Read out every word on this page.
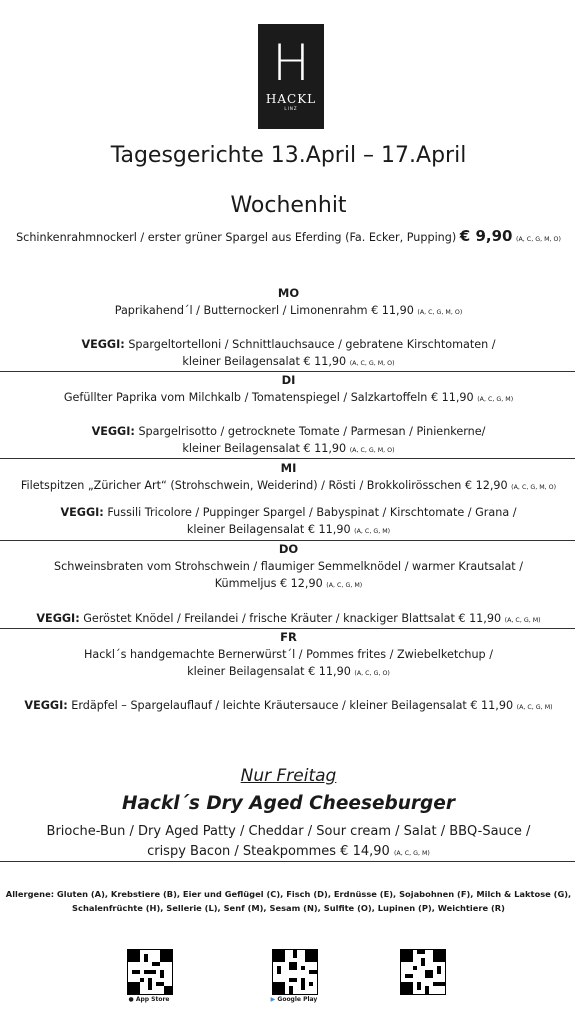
H
HACKL
LINZ
Tagesgerichte 13.April – 17.April
Wochenhit
Schinkenrahmnockerl / erster grüner Spargel aus Eferding (Fa. Ecker, Pupping) € 9,90 (A, C, G, M, O)
MO
Paprikahend´l / Butternockerl / Limonenrahm € 11,90 (A, C, G, M, O)
VEGGI: Spargeltortelloni / Schnittlauchsauce / gebratene Kirschtomaten /
kleiner Beilagensalat € 11,90 (A, C, G, M, O)
DI
Gefüllter Paprika vom Milchkalb / Tomatenspiegel / Salzkartoffeln € 11,90 (A, C, G, M)
VEGGI: Spargelrisotto / getrocknete Tomate / Parmesan / Pinienkerne/
kleiner Beilagensalat € 11,90 (A, C, G, M, O)
MI
Filetspitzen „Züricher Art“ (Strohschwein, Weiderind) / Rösti / Brokkolirösschen € 12,90 (A, C, G, M, O)
VEGGI: Fussili Tricolore / Puppinger Spargel / Babyspinat / Kirschtomate / Grana /
kleiner Beilagensalat € 11,90 (A, C, G, M)
DO
Schweinsbraten vom Strohschwein / flaumiger Semmelknödel / warmer Krautsalat /
Kümmeljus € 12,90 (A, C, G, M)
VEGGI: Geröstet Knödel / Freilandei / frische Kräuter / knackiger Blattsalat € 11,90 (A, C, G, M)
FR
Hackl´s handgemachte Bernerwürst´l / Pommes frites / Zwiebelketchup /
kleiner Beilagensalat € 11,90 (A, C, G, O)
VEGGI: Erdäpfel – Spargelauflauf / leichte Kräutersauce / kleiner Beilagensalat € 11,90 (A, C, G, M)
Nur Freitag
Hackl´s Dry Aged Cheeseburger
Brioche-Bun / Dry Aged Patty / Cheddar / Sour cream / Salat / BBQ-Sauce /
crispy Bacon / Steakpommes € 14,90 (A, C, G, M)
Allergene: Gluten (A), Krebstiere (B), Eier und Geflügel (C), Fisch (D), Erdnüsse (E), Sojabohnen (F), Milch & Laktose (G),
Schalenfrüchte (H), Sellerie (L), Senf (M), Sesam (N), Sulfite (O), Lupinen (P), Weichtiere (R)
● App Store	▶ Google Play
